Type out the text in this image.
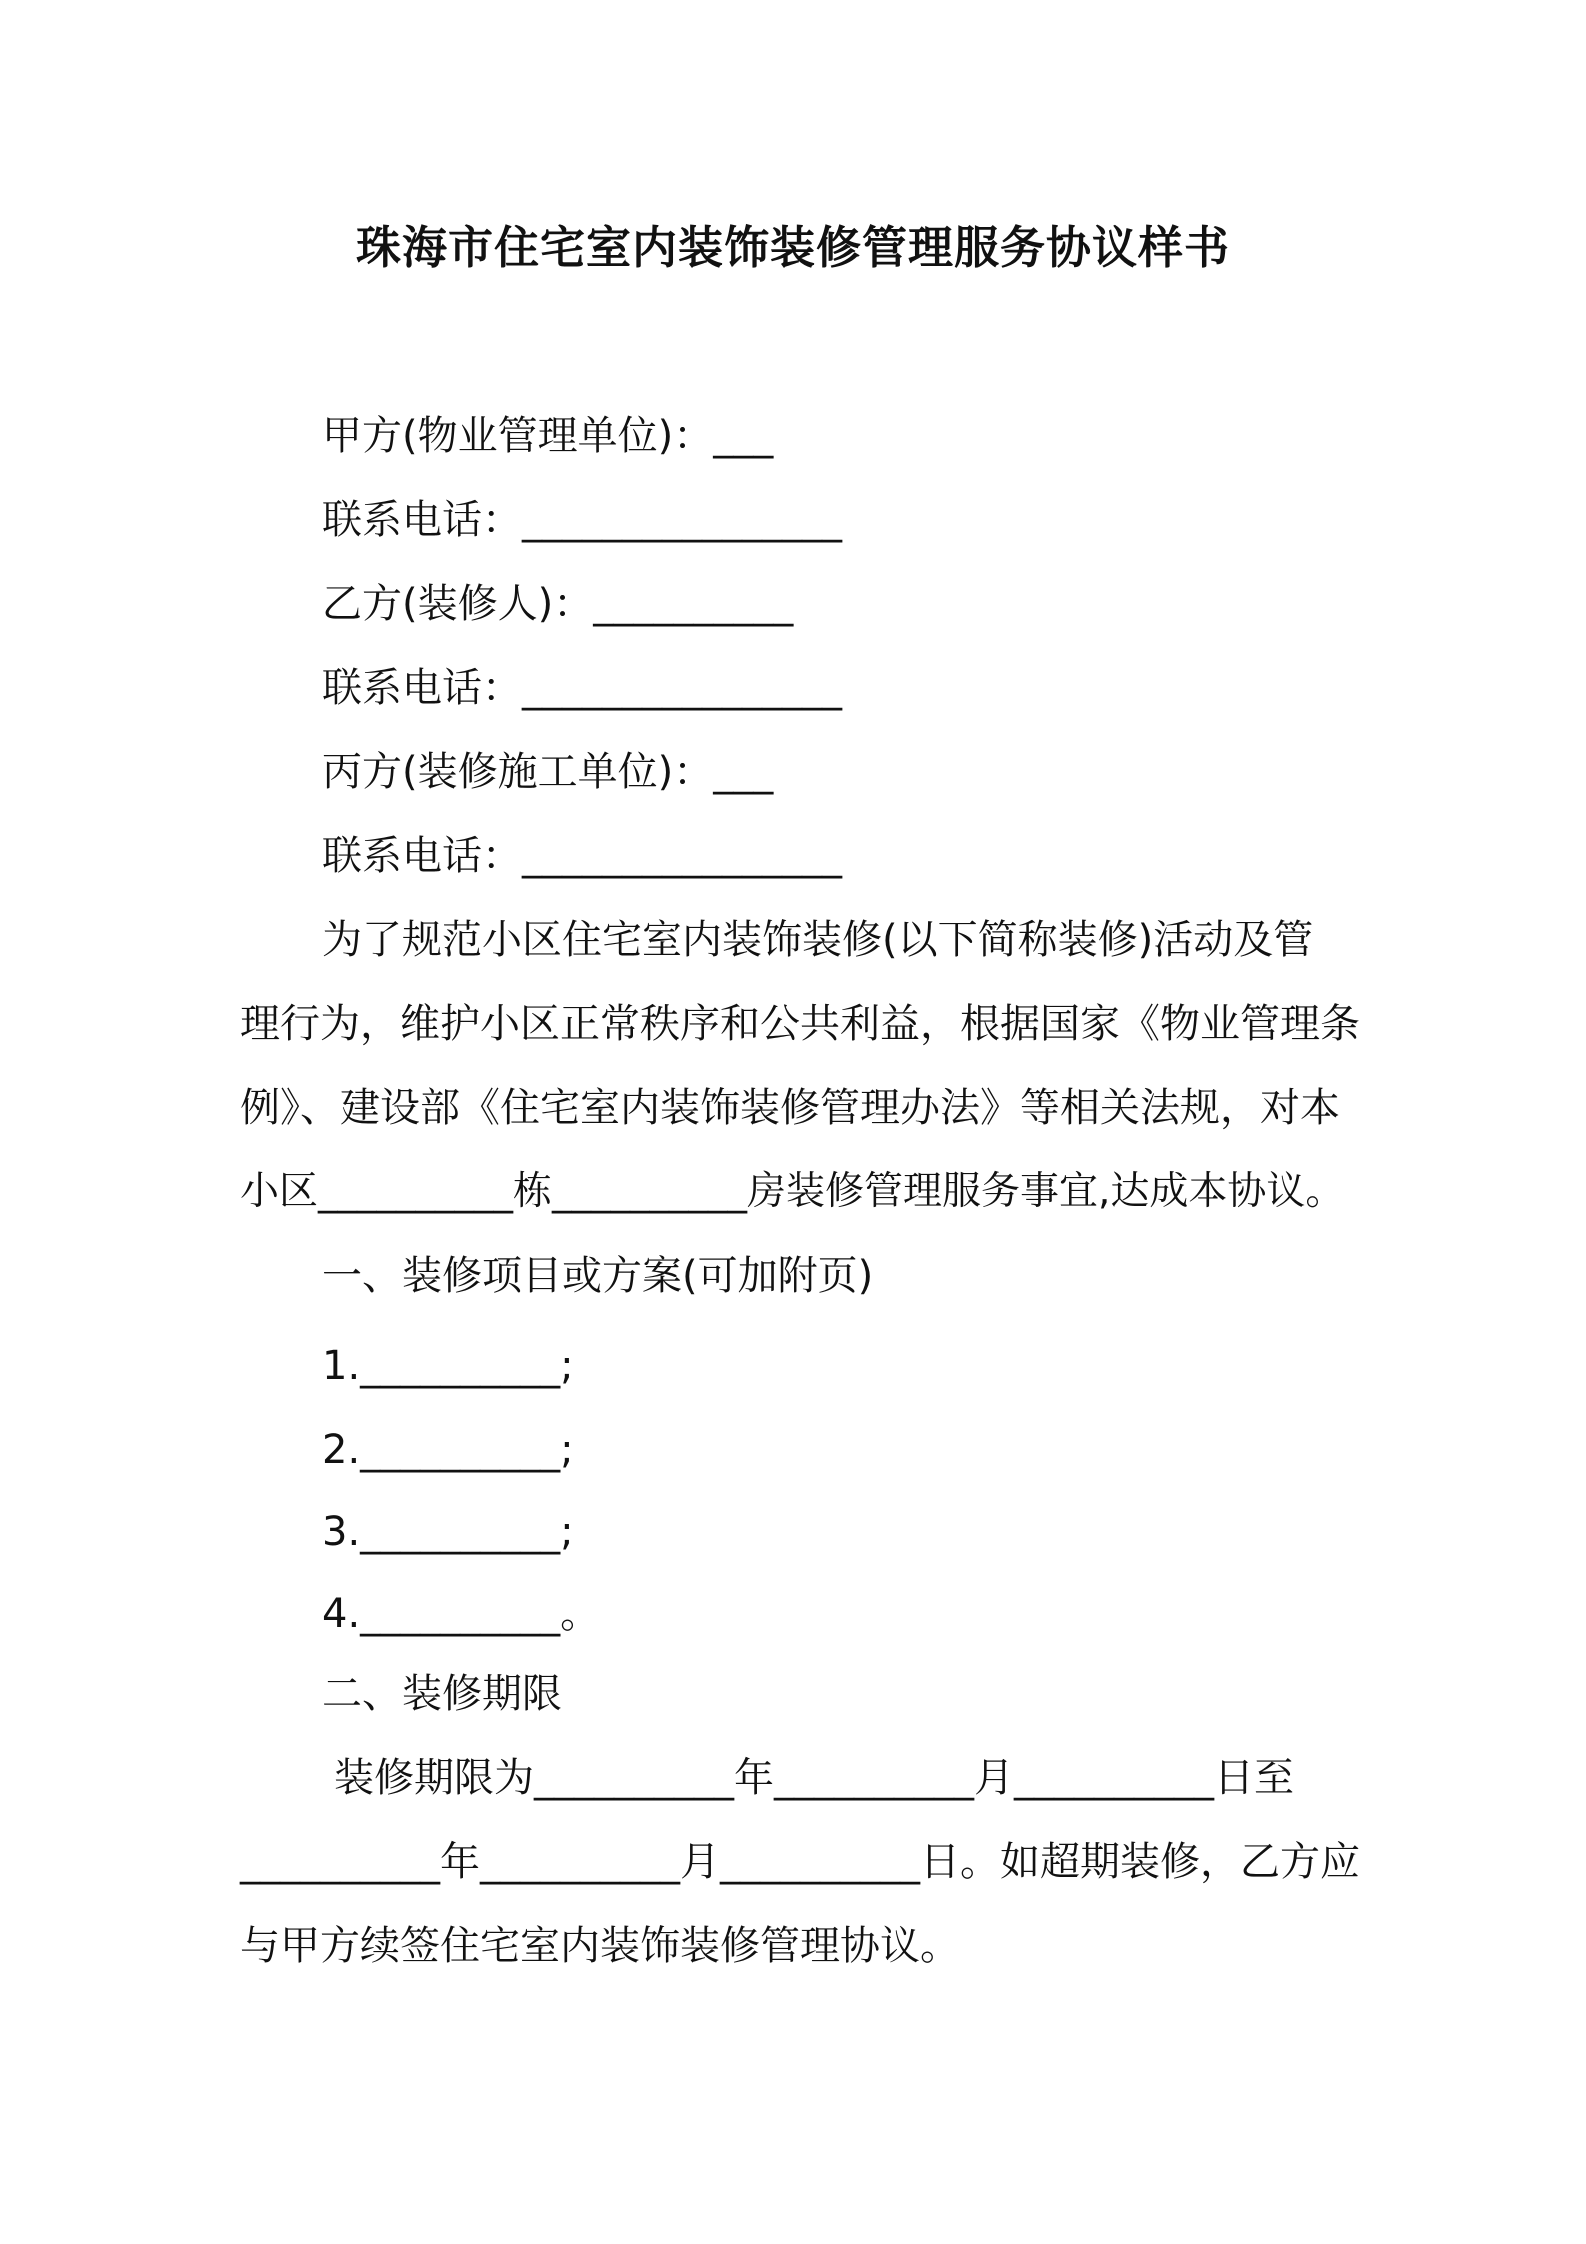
珠海市住宅室内装饰装修管理服务协议样书
甲方(物业管理单位)：___
联系电话：________________
乙方(装修人)：__________
联系电话：________________
丙方(装修施工单位)：___
联系电话：________________
为了规范小区住宅室内装饰装修(以下简称装修)活动及管
理行为，维护小区正常秩序和公共利益，根据国家《物业管理条
例》、建设部《住宅室内装饰装修管理办法》等相关法规，对本
小区__________栋__________房装修管理服务事宜,达成本协议。
一、装修项目或方案(可加附页)
1.__________;
2.__________;
3.__________;
4.__________。
二、装修期限
装修期限为__________年__________月__________日至
__________年__________月__________日。如超期装修，乙方应
与甲方续签住宅室内装饰装修管理协议。
